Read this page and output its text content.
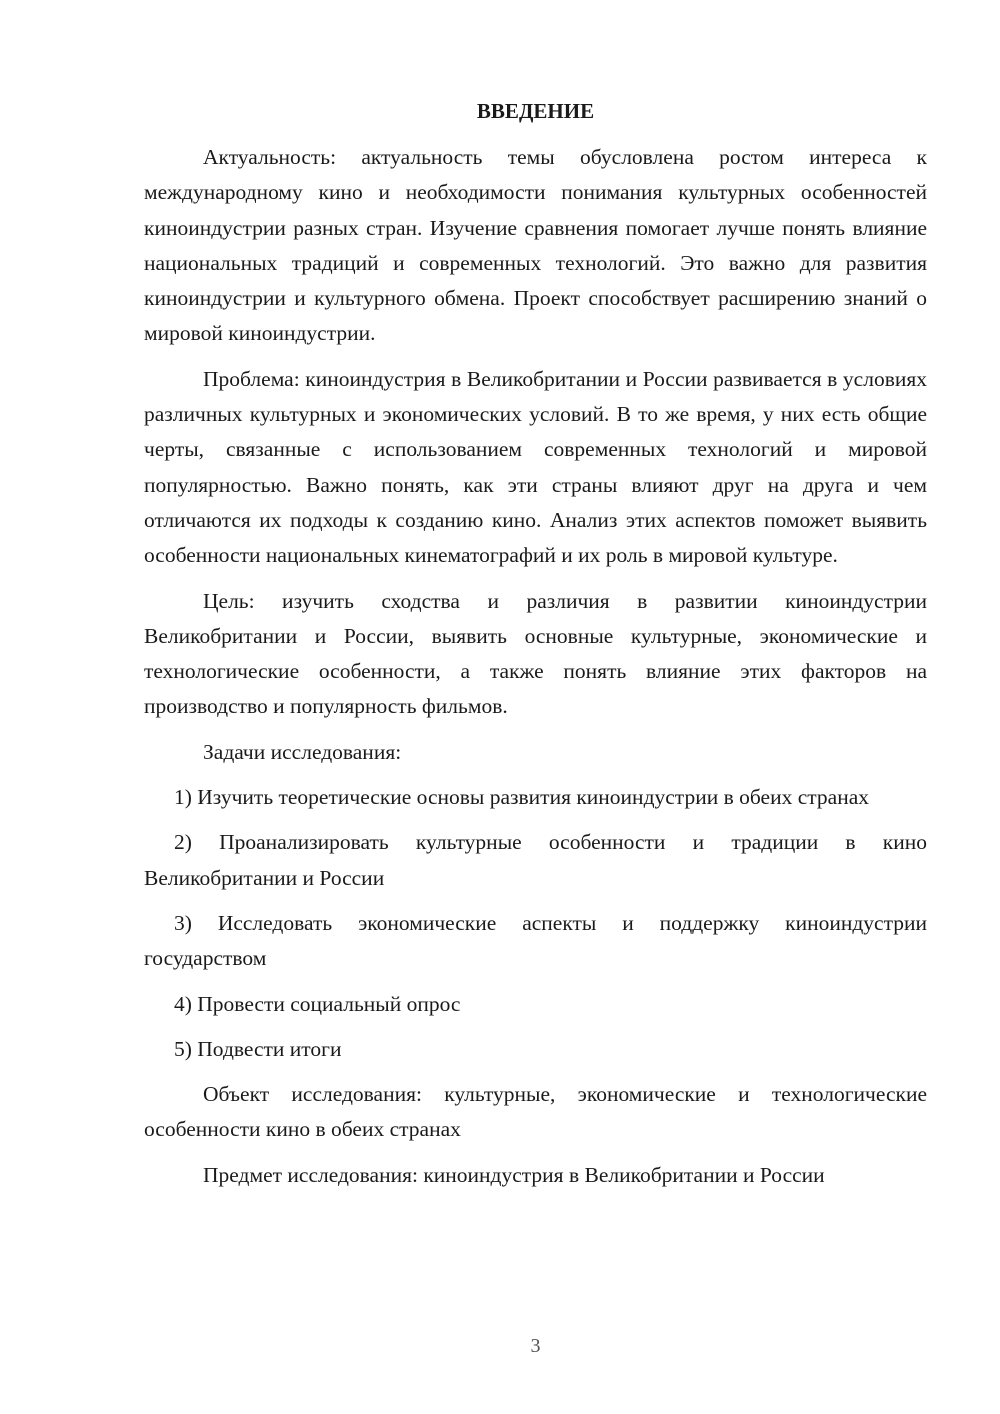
ВВЕДЕНИЕ

Актуальность: актуальность темы обусловлена ростом интереса к международному кино и необходимости понимания культурных особенностей киноиндустрии разных стран. Изучение сравнения помогает лучше понять влияние национальных традиций и современных технологий. Это важно для развития киноиндустрии и культурного обмена. Проект способствует расширению знаний о мировой киноиндустрии.

Проблема: киноиндустрия в Великобритании и России развивается в условиях различных культурных и экономических условий. В то же время, у них есть общие черты, связанные с использованием современных технологий и мировой популярностью. Важно понять, как эти страны влияют друг на друга и чем отличаются их подходы к созданию кино. Анализ этих аспектов поможет выявить особенности национальных кинематографий и их роль в мировой культуре.

Цель: изучить сходства и различия в развитии киноиндустрии Великобритании и России, выявить основные культурные, экономические и технологические особенности, а также понять влияние этих факторов на производство и популярность фильмов.

Задачи исследования:

1) Изучить теоретические основы развития киноиндустрии в обеих странах

2) Проанализировать культурные особенности и традиции в кино Великобритании и России

3) Исследовать экономические аспекты и поддержку киноиндустрии государством

4) Провести социальный опрос

5) Подвести итоги

Объект исследования: культурные, экономические и технологические особенности кино в обеих странах

Предмет исследования: киноиндустрия в Великобритании и России

3
